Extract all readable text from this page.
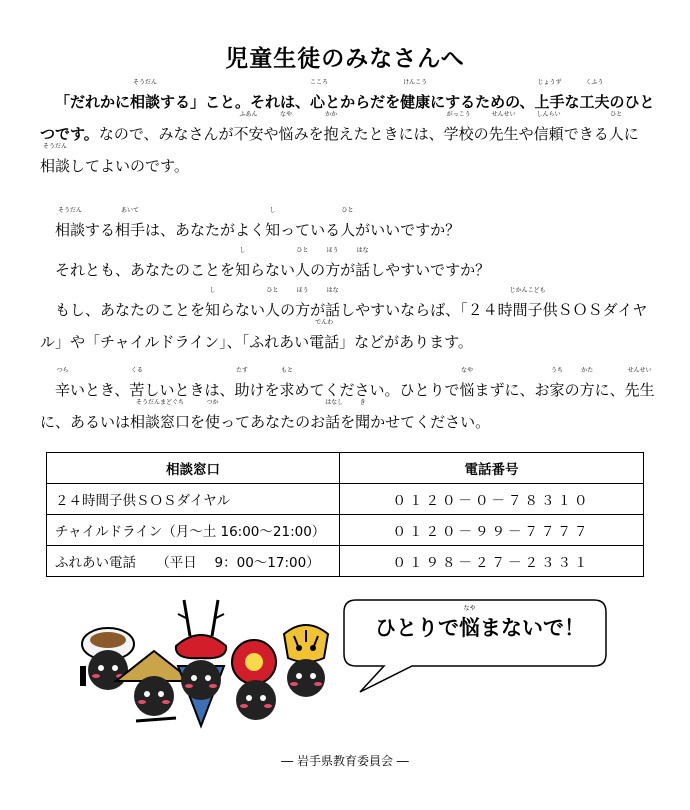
児童生徒のみなさんへ

「だれかに相談
そうだん
する」こと。それは、心
こころ
とからだを健康
けんこう
にするための、上手
じょうず
な工夫
くふう
のひとつです。なので、みなさんが不安
ふあん
や悩
なや
みを抱
かか
えたときには、学校
がっこう
の先生
せんせい
や信頼
しんらい
できる人
ひと
に相談
そうだん
してよいのです。

相談
そうだん
する相手
あいて
は、あなたがよく知
し
っている人
ひと
がいいですか？

それとも、あなたのことを知
し
らない人
ひと
の方
ほう
が話
はな
しやすいですか？

もし、あなたのことを知
し
らない人
ひと
の方
ほう
が話
はな
しやすいならば、「２４時間子供
じかんこども
ＳＯＳダイヤル」や「チャイルドライン」、「ふれあい電話
でんわ
」などがあります。

辛
つら
いとき、苦
くる
しいときは、助
たす
けを求
もと
めてください。ひとりで悩
なや
まずに、お家
うち
の方
かた
に、先生
せんせい
に、あるいは相談窓口
そうだんまどぐち
を使
つか
ってあなたのお話
はなし
を聞
き
かせてください。

相談窓口	電話番号
２４時間子供ＳＯＳダイヤル	０１２０－０－７８３１０
チャイルドライン（月～土 16:00～21:00）	０１２０－９９－７７７７
ふれあい電話　　（平日　 9：00～17:00）	０１９８－２７－２３３１
ひとりで悩
なや
まないで！
― 岩手県教育委員会 ―
